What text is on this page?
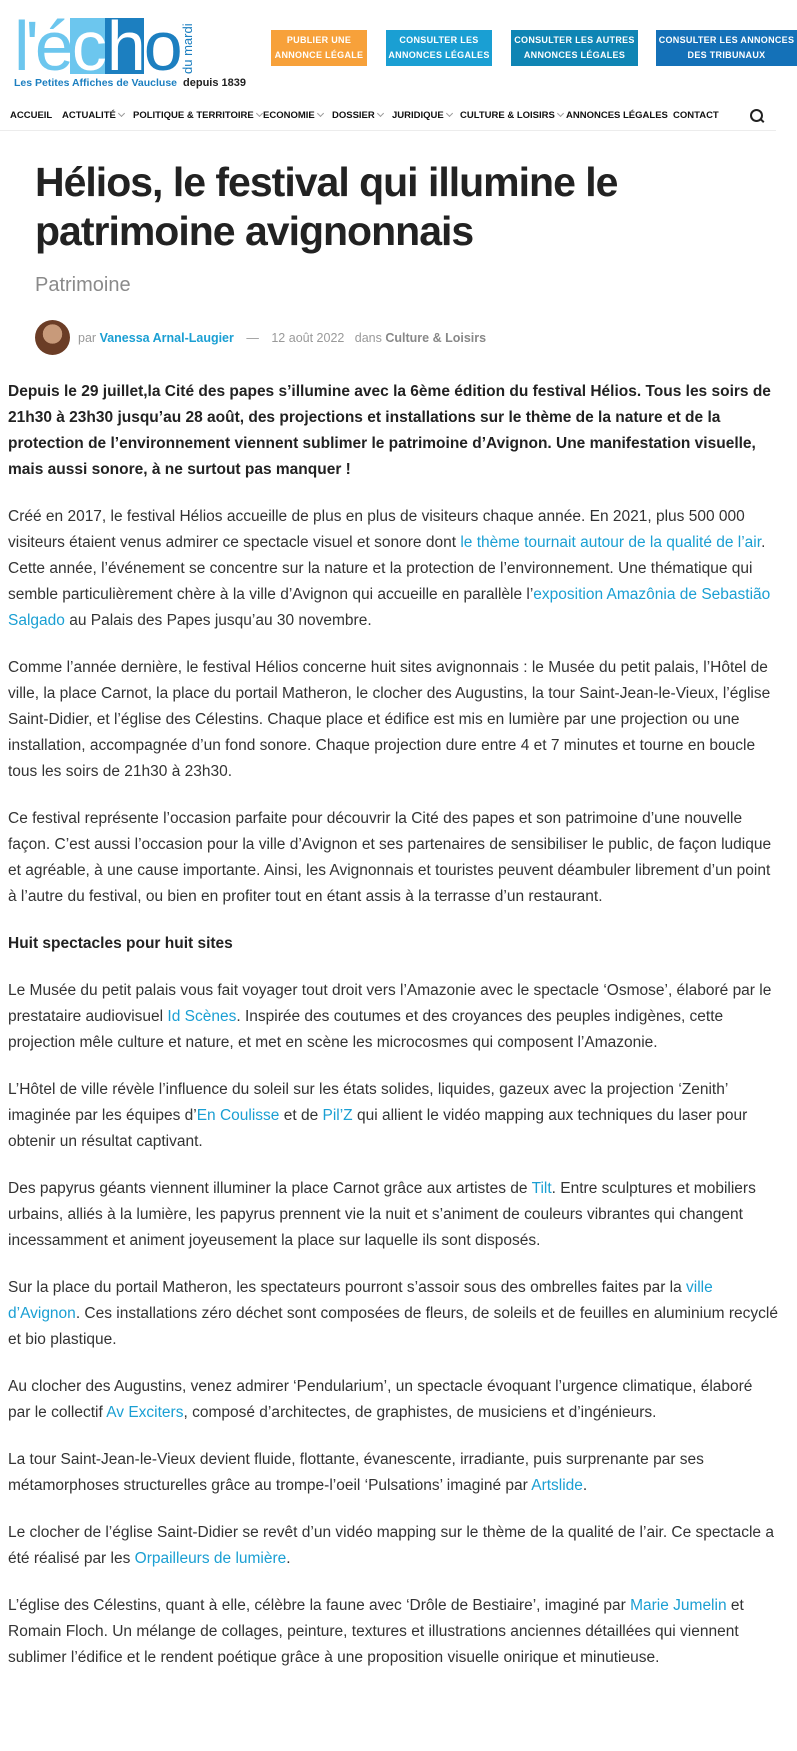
l'é c h o du mardi
Les Petites Affiches de Vaucluse depuis 1839
PUBLIER UNE
ANNONCE LÉGALE
CONSULTER LES
ANNONCES LÉGALES
CONSULTER LES AUTRES
ANNONCES LÉGALES
CONSULTER LES ANNONCES
DES TRIBUNAUX
ACCUEIL ACTUALITÉ	POLITIQUE & TERRITOIRE ECONOMIE	DOSSIER	JURIDIQUE	CULTURE & LOISIRS	ANNONCES LÉGALES CONTACT
Hélios, le festival qui illumine le patrimoine avignonnais
Patrimoine
par Vanessa Arnal-Laugier — 12 août 2022 dans Culture & Loisirs

Depuis le 29 juillet,la Cité des papes s’illumine avec la 6ème édition du festival Hélios. Tous les soirs de 21h30 à 23h30 jusqu’au 28 août, des projections et installations sur le thème de la nature et de la protection de l’environnement viennent sublimer le patrimoine d’Avignon. Une manifestation visuelle, mais aussi sonore, à ne surtout pas manquer !

Créé en 2017, le festival Hélios accueille de plus en plus de visiteurs chaque année. En 2021, plus 500 000 visiteurs étaient venus admirer ce spectacle visuel et sonore dont le thème tournait autour de la qualité de l’air. Cette année, l’événement se concentre sur la nature et la protection de l’environnement. Une thématique qui semble particulièrement chère à la ville d’Avignon qui accueille en parallèle l’exposition Amazônia de Sebastião Salgado au Palais des Papes jusqu’au 30 novembre.

Comme l’année dernière, le festival Hélios concerne huit sites avignonnais : le Musée du petit palais, l’Hôtel de ville, la place Carnot, la place du portail Matheron, le clocher des Augustins, la tour Saint-Jean-le-Vieux, l’église Saint-Didier, et l’église des Célestins. Chaque place et édifice est mis en lumière par une projection ou une installation, accompagnée d’un fond sonore. Chaque projection dure entre 4 et 7 minutes et tourne en boucle tous les soirs de 21h30 à 23h30.

Ce festival représente l’occasion parfaite pour découvrir la Cité des papes et son patrimoine d’une nouvelle façon. C’est aussi l’occasion pour la ville d’Avignon et ses partenaires de sensibiliser le public, de façon ludique et agréable, à une cause importante. Ainsi, les Avignonnais et touristes peuvent déambuler librement d’un point à l’autre du festival, ou bien en profiter tout en étant assis à la terrasse d’un restaurant.

Huit spectacles pour huit sites

Le Musée du petit palais vous fait voyager tout droit vers l’Amazonie avec le spectacle ‘Osmose’, élaboré par le prestataire audiovisuel Id Scènes. Inspirée des coutumes et des croyances des peuples indigènes, cette projection mêle culture et nature, et met en scène les microcosmes qui composent l’Amazonie.

L’Hôtel de ville révèle l’influence du soleil sur les états solides, liquides, gazeux avec la projection ‘Zenith’ imaginée par les équipes d’En Coulisse et de Pil’Z qui allient le vidéo mapping aux techniques du laser pour obtenir un résultat captivant.

Des papyrus géants viennent illuminer la place Carnot grâce aux artistes de Tilt. Entre sculptures et mobiliers urbains, alliés à la lumière, les papyrus prennent vie la nuit et s’animent de couleurs vibrantes qui changent incessamment et animent joyeusement la place sur laquelle ils sont disposés.

Sur la place du portail Matheron, les spectateurs pourront s’assoir sous des ombrelles faites par la ville d’Avignon. Ces installations zéro déchet sont composées de fleurs, de soleils et de feuilles en aluminium recyclé et bio plastique.

Au clocher des Augustins, venez admirer ‘Pendularium’, un spectacle évoquant l’urgence climatique, élaboré par le collectif Av Exciters, composé d’architectes, de graphistes, de musiciens et d’ingénieurs.

La tour Saint-Jean-le-Vieux devient fluide, flottante, évanescente, irradiante, puis surprenante par ses métamorphoses structurelles grâce au trompe-l’oeil ‘Pulsations’ imaginé par Artslide.

Le clocher de l’église Saint-Didier se revêt d’un vidéo mapping sur le thème de la qualité de l’air. Ce spectacle a été réalisé par les Orpailleurs de lumière.

L’église des Célestins, quant à elle, célèbre la faune avec ‘Drôle de Bestiaire’, imaginé par Marie Jumelin et Romain Floch. Un mélange de collages, peinture, textures et illustrations anciennes détaillées qui viennent sublimer l’édifice et le rendent poétique grâce à une proposition visuelle onirique et minutieuse.
